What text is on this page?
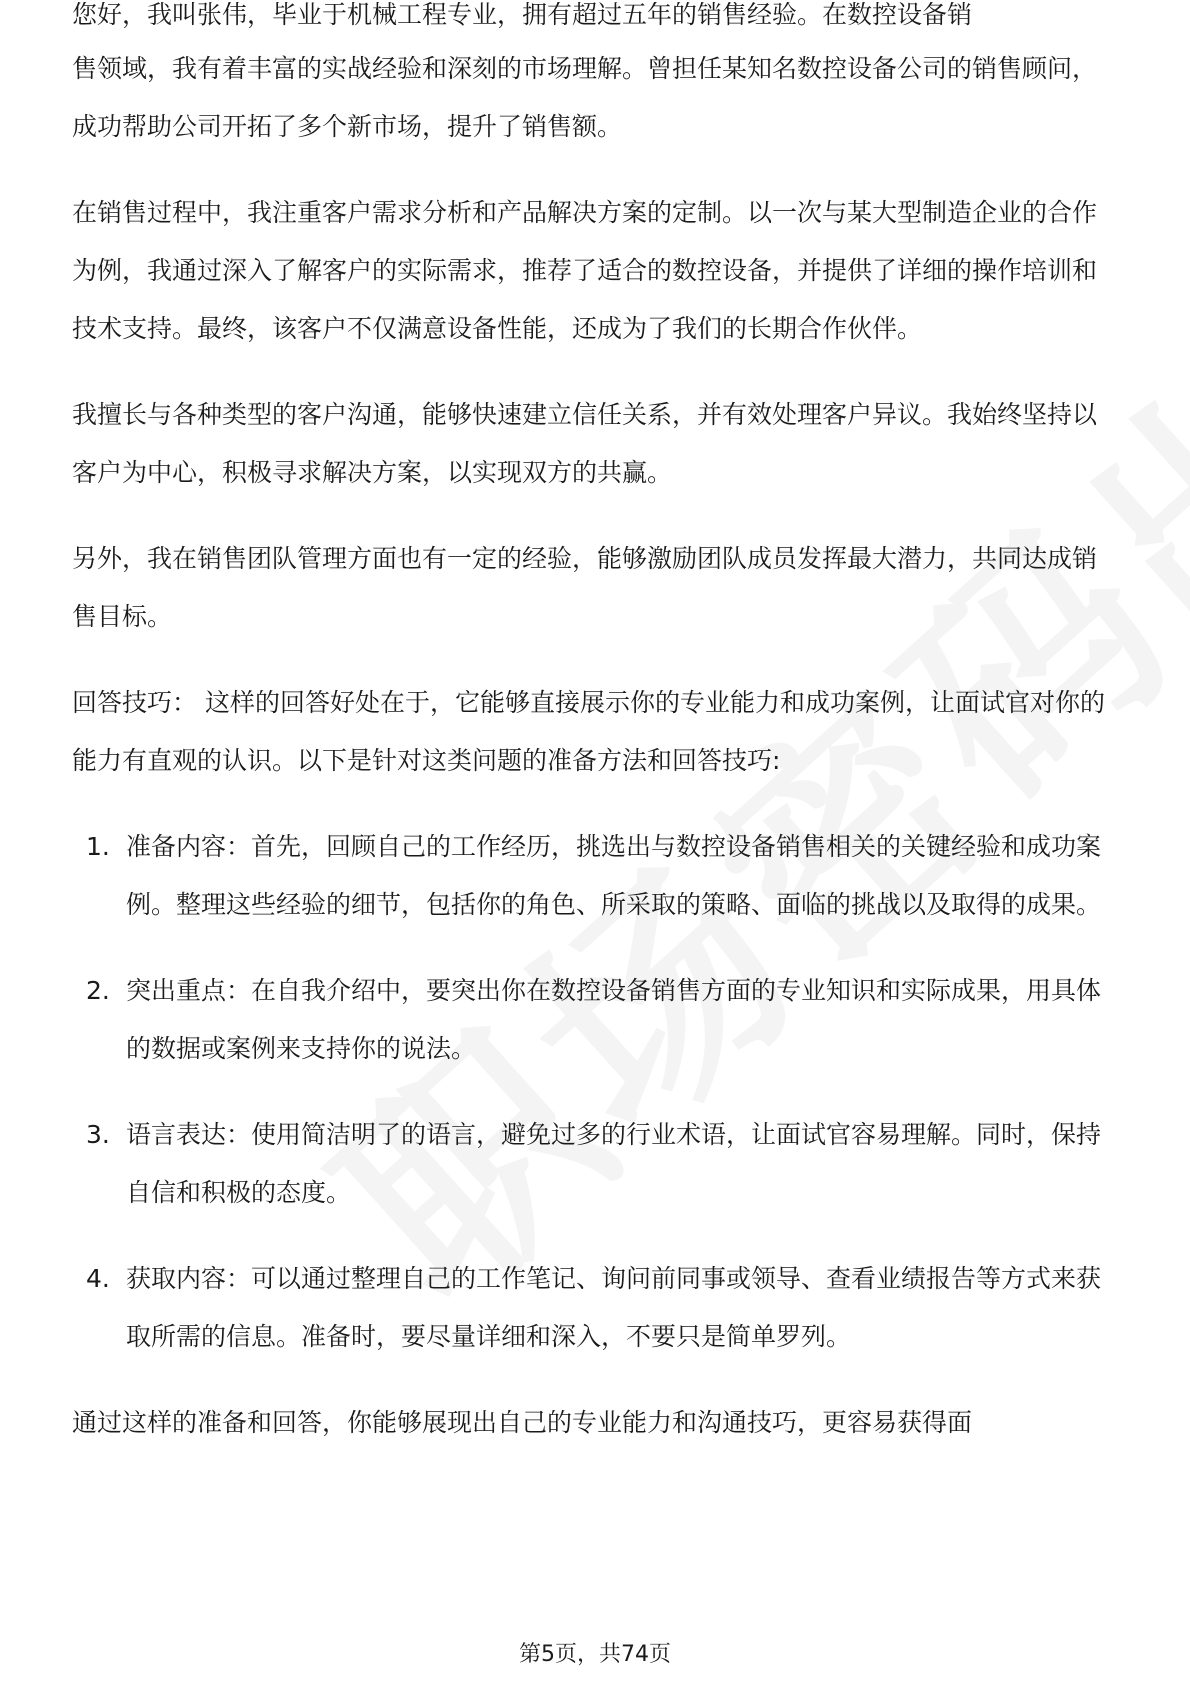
您好，我叫张伟，毕业于机械工程专业，拥有超过五年的销售经验。在数控设备销

售领域，我有着丰富的实战经验和深刻的市场理解。曾担任某知名数控设备公司的销售顾问，成功帮助公司开拓了多个新市场，提升了销售额。

在销售过程中，我注重客户需求分析和产品解决方案的定制。以一次与某大型制造企业的合作为例，我通过深入了解客户的实际需求，推荐了适合的数控设备，并提供了详细的操作培训和技术支持。最终，该客户不仅满意设备性能，还成为了我们的长期合作伙伴。

我擅长与各种类型的客户沟通，能够快速建立信任关系，并有效处理客户异议。我始终坚持以客户为中心，积极寻求解决方案，以实现双方的共赢。

另外，我在销售团队管理方面也有一定的经验，能够激励团队成员发挥最大潜力，共同达成销售目标。

回答技巧： 这样的回答好处在于，它能够直接展示你的专业能力和成功案例，让面试官对你的能力有直观的认识。以下是针对这类问题的准备方法和回答技巧:

1. 准备内容：首先，回顾自己的工作经历，挑选出与数控设备销售相关的关键经验和成功案例。整理这些经验的细节，包括你的角色、所采取的策略、面临的挑战以及取得的成果。
2. 突出重点：在自我介绍中，要突出你在数控设备销售方面的专业知识和实际成果，用具体的数据或案例来支持你的说法。
3. 语言表达：使用简洁明了的语言，避免过多的行业术语，让面试官容易理解。同时，保持自信和积极的态度。
4. 获取内容：可以通过整理自己的工作笔记、询问前同事或领导、查看业绩报告等方式来获取所需的信息。准备时，要尽量详细和深入，不要只是简单罗列。

通过这样的准备和回答，你能够展现出自己的专业能力和沟通技巧，更容易获得面

第5页，共74页
